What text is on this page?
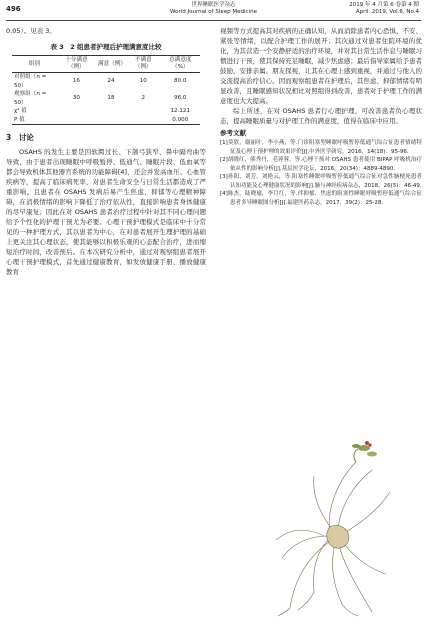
496	世界睡眠医学杂志
World Journal of Sleep Medicine
2019 年 4 月第 6 卷第 4 期
April. 2019, Vol.6, No.4

0.05）。见表 3。

表 3　2 组患者护理后护理满意度比较
组别	十分满意（例）	满意（例）	不满意（例）	总满意度（%）
对照组（n = 50）	16	24	10	80.0
观察组（n = 50）	30	18	2	96.0
χ² 值				12.121
P 值				0.000
3　讨论

OSAHS 的发生主要是因软腭过长、下颌弓狭窄、鼻中隔弯曲等导致，由于患者出现睡眠中呼吸暂停、低通气、睡眠片段、低血氧等都会导致机体其他器官系统的功能障碍[4]，还会并发高血压、心血管疾病等，提高了临床病死率，对患者生命安全与日常生活都造成了严重影响。且患者在 OSAHS 发病后易产生焦虑、抑郁等心理精神障碍，在消极情绪的影响下降低了治疗依从性，直接影响患者身体健康的尽早康复；因此在对 OSAHS 患者治疗过程中针对其不同心理问题给予个性化的护理干预尤为必要。心理干预护理模式是临床中十分常见的一种护理方式，其以患者为中心，在对患者展开生理护理的基础上更关注其心理状态，使其能够以积极乐观的心态配合治疗，进而缩短治疗时间，改善预后。在本次研究分析中，通过对观察组患者展开心理干预护理模式，首先通过健康教育，如发放健康手册、播放健康教育

视频等方式提高其对疾病的正确认知，从而消除患者内心恐惧、不安、紧张等情绪，以配合护理工作的展开；其次通过对患者住院环境的优化，为其营造一个安静舒适的治疗环境，并对其日常生活作息与睡眠习惯进行干预，使其保持充足睡眠，减少焦虑感；最后指导家属给予患者鼓励，安排亲属、朋友探视，让其在心理上感到重视，并通过与他人的交流提高治疗信心。因而观察组患者在护理后，其焦虑、抑郁情绪有明显改善，且睡眠感知状况相比对照组得到改善，患者对于护理工作的满意度也大大提高。

综上所述，在对 OSAHS 患者行心理护理，可改善患者负心理状态，提高睡眠质量与对护理工作的满意度，值得在临床中应用。

参考文献

[1]莫欣，谢丽叶，李小燕，等.门诊阻塞型睡眠呼吸暂停低通气综合征患者情绪特征及心理干预护理的效果评价[J].中外医学研究，2016，14(18)：95-96.

[2]胡晓红，熊秀丹，毛蓉蓉，等.心理干预对 OSAHS 患者使用 BIPAP 呼吸机治疗依从性的影响分析[J].基层医学论坛，2016，20(34)：4889-4890.

[3]孙阳，刘芳，刘艳云，等.阻塞性睡眠呼吸暂停低通气综合征对急性脑梗死患者认知功能及心理健康状况的影响[J].脑与神经疾病杂志，2018，26(5)：46-49.

[4]陈杰，陆晓瑜，李月红，等.伴抑郁、焦虑的阻塞性睡眠呼吸暂停低通气综合征患者多导睡眠图分析[J].福建医药杂志，2017，39(2)：25-28.
